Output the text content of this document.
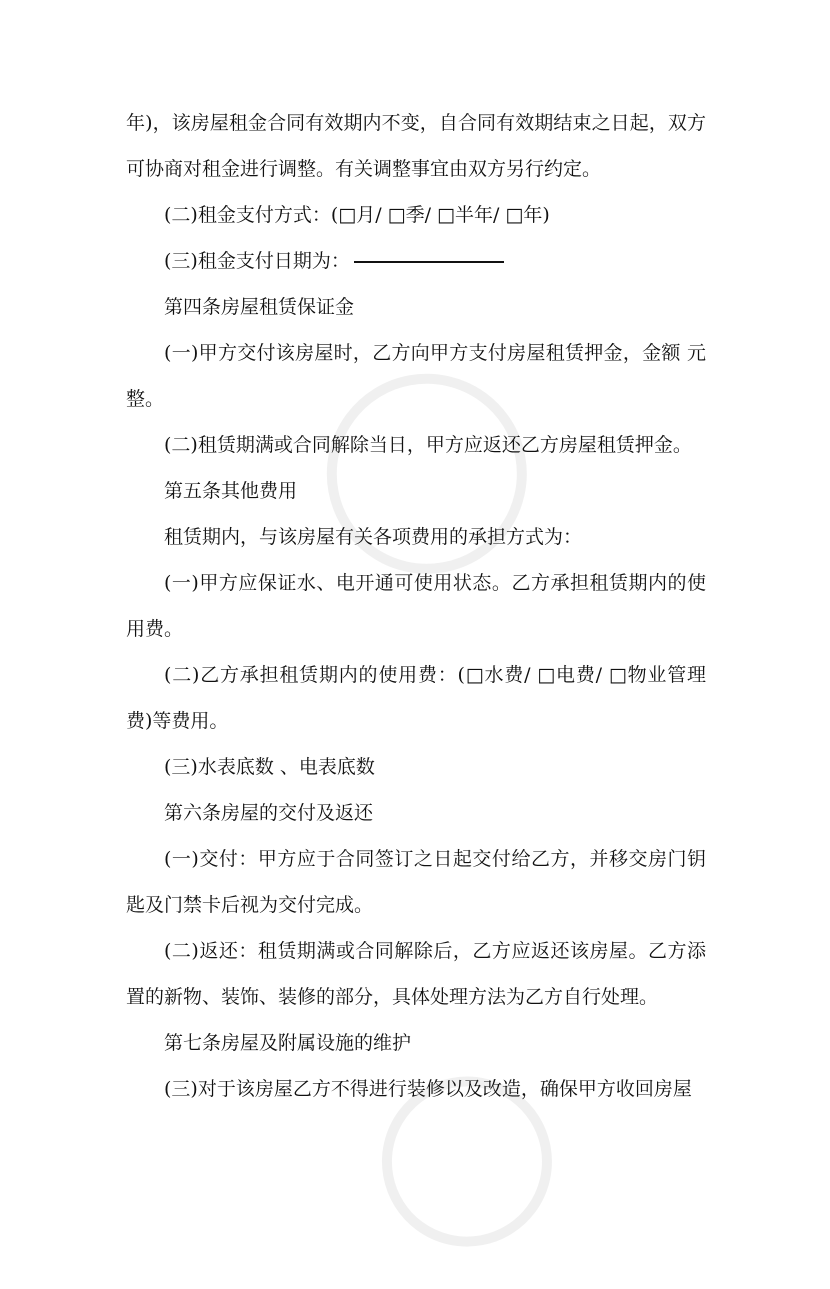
年)，该房屋租金合同有效期内不变，自合同有效期结束之日起，双方可协商对租金进行调整。有关调整事宜由双方另行约定。

(二)租金支付方式：(□月/ □季/ □半年/ □年)

(三)租金支付日期为：

第四条房屋租赁保证金

(一)甲方交付该房屋时，乙方向甲方支付房屋租赁押金，金额 元整。

(二)租赁期满或合同解除当日，甲方应返还乙方房屋租赁押金。

第五条其他费用

租赁期内，与该房屋有关各项费用的承担方式为：

(一)甲方应保证水、电开通可使用状态。乙方承担租赁期内的使用费。

(二)乙方承担租赁期内的使用费：(□水费/ □电费/ □物业管理费)等费用。

(三)水表底数 、电表底数

第六条房屋的交付及返还

(一)交付：甲方应于合同签订之日起交付给乙方，并移交房门钥匙及门禁卡后视为交付完成。

(二)返还：租赁期满或合同解除后，乙方应返还该房屋。乙方添置的新物、装饰、装修的部分，具体处理方法为乙方自行处理。

第七条房屋及附属设施的维护

(三)对于该房屋乙方不得进行装修以及改造，确保甲方收回房屋
